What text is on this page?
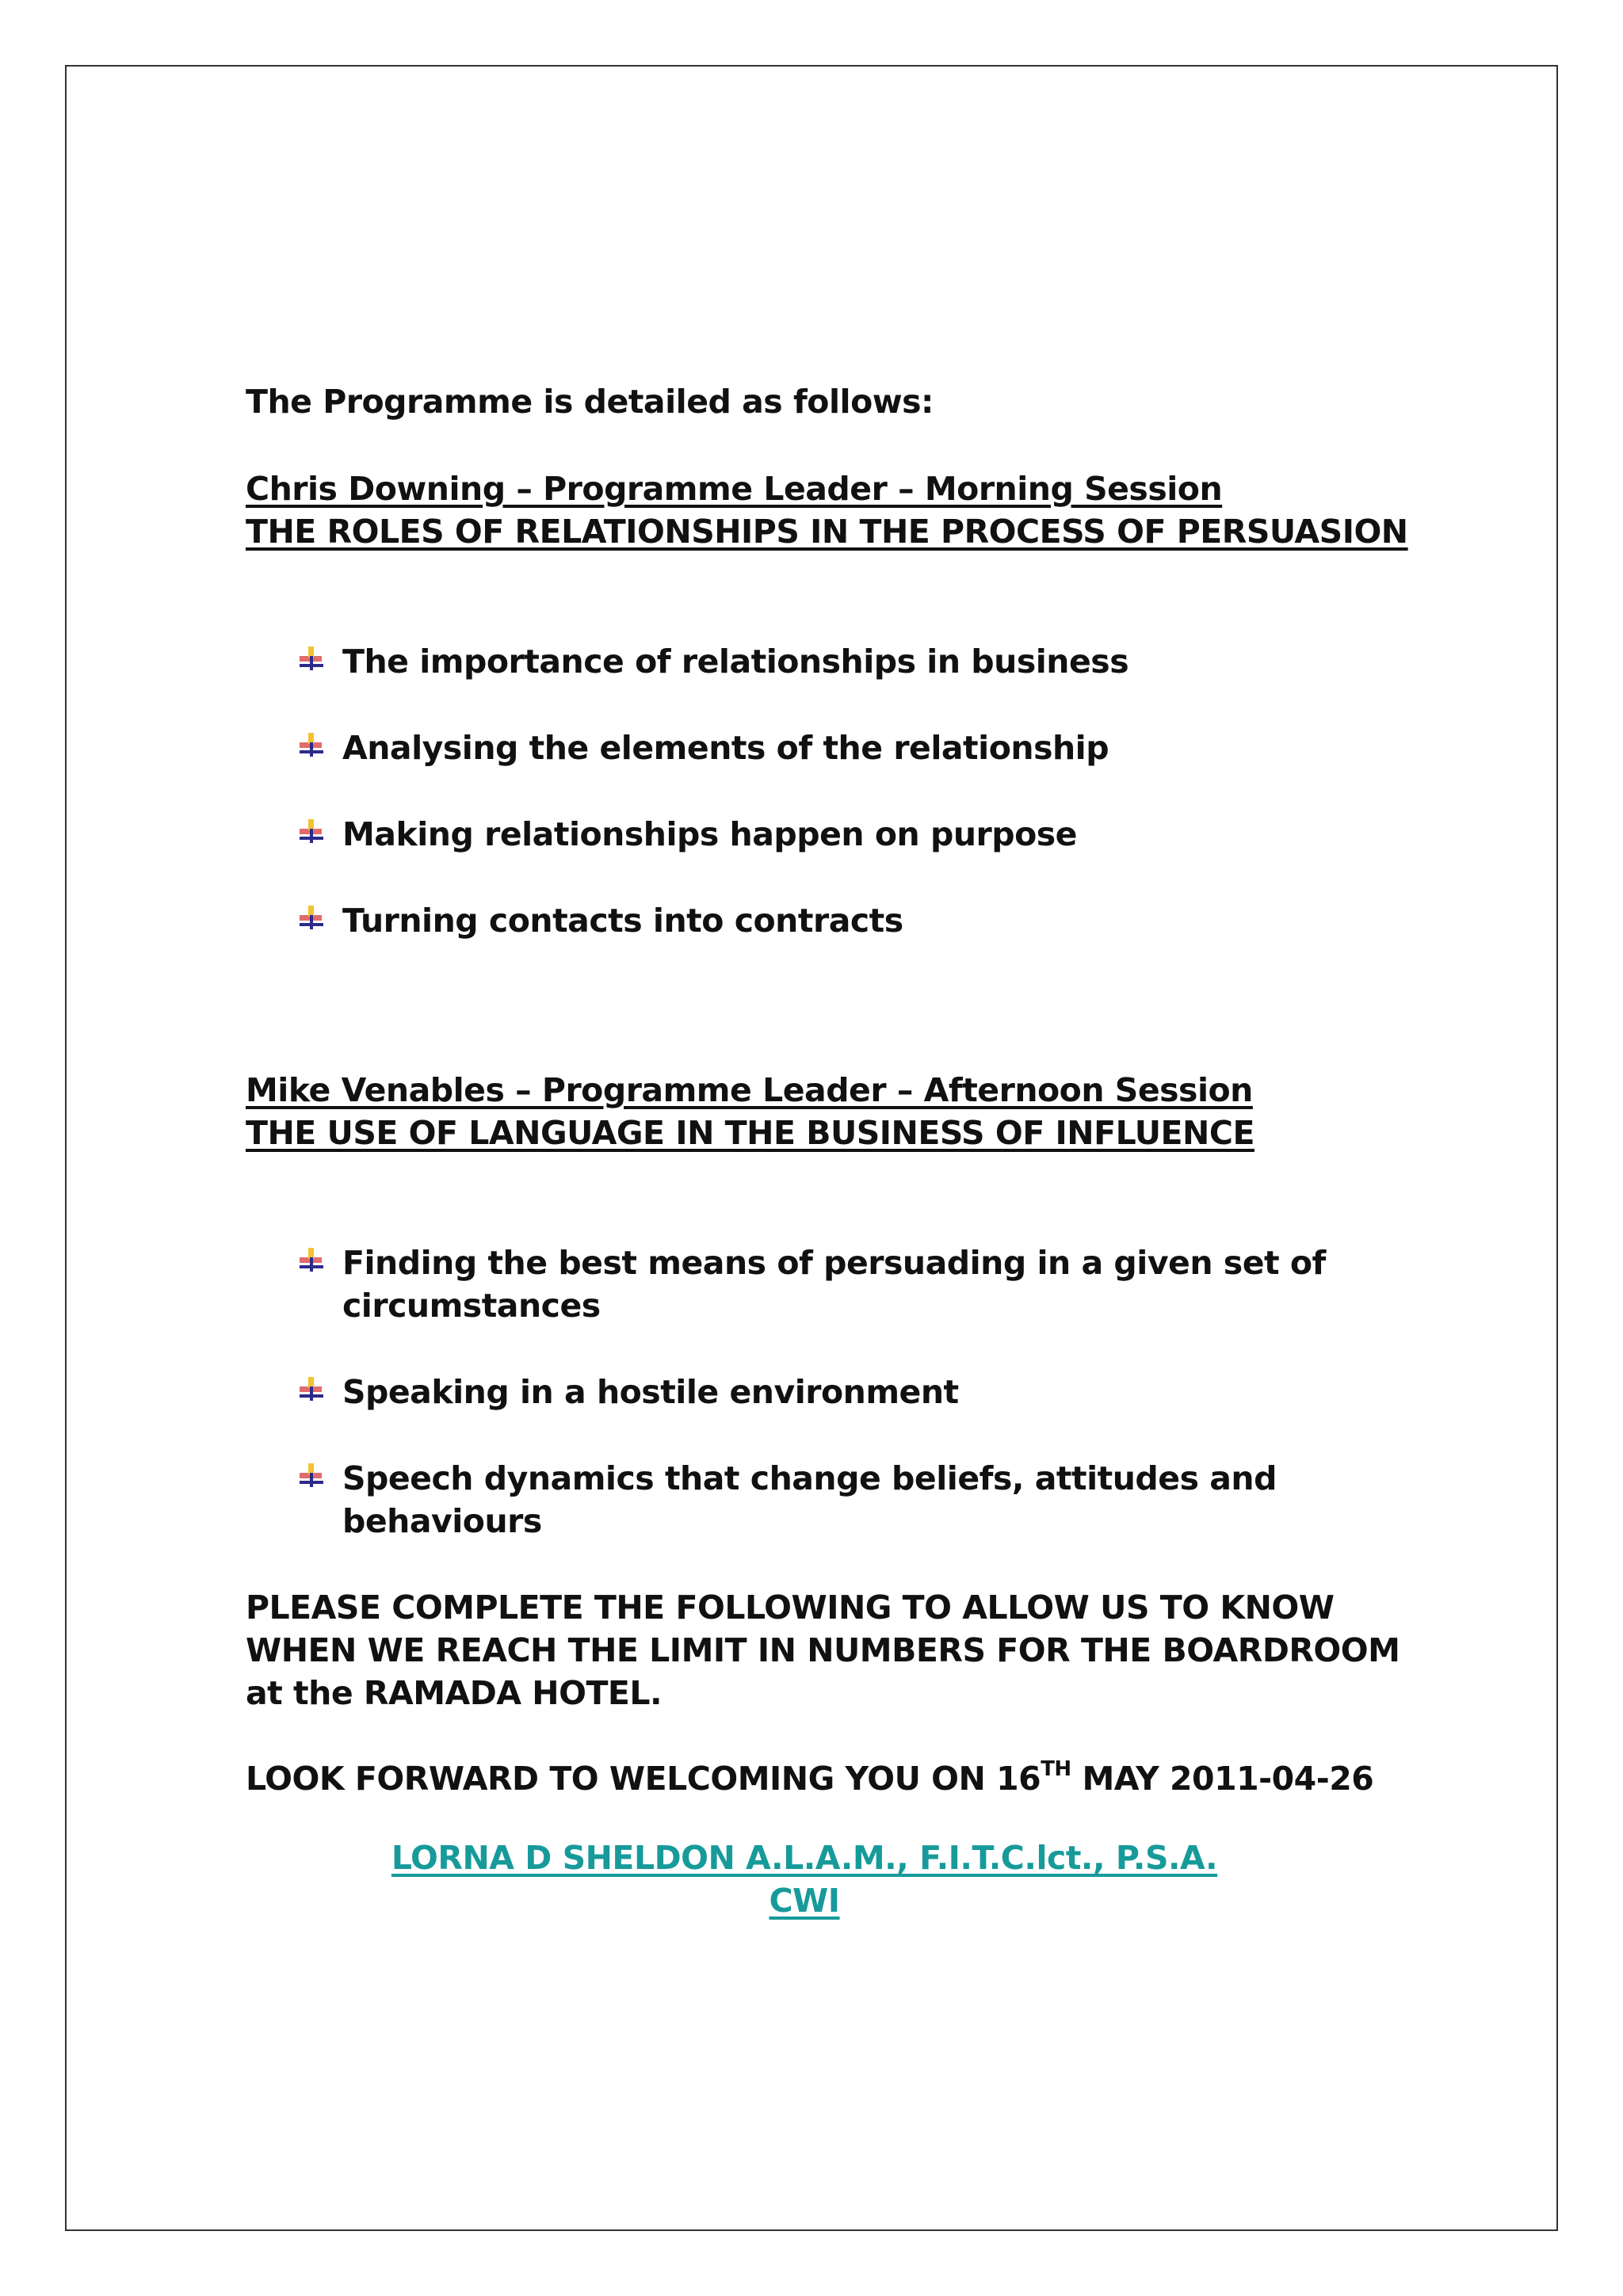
The Programme is detailed as follows:

Chris Downing – Programme Leader – Morning Session
THE ROLES OF RELATIONSHIPS IN THE PROCESS OF PERSUASION

The importance of relationships in business
Analysing the elements of the relationship
Making relationships happen on purpose
Turning contacts into contracts

Mike Venables – Programme Leader – Afternoon Session
THE USE OF LANGUAGE IN THE BUSINESS OF INFLUENCE

Finding the best means of persuading in a given set of circumstances
Speaking in a hostile environment
Speech dynamics that change beliefs, attitudes and behaviours

PLEASE COMPLETE THE FOLLOWING TO ALLOW US TO KNOW WHEN WE REACH THE LIMIT IN NUMBERS FOR THE BOARDROOM at the RAMADA HOTEL.

LOOK FORWARD TO WELCOMING YOU ON 16TH MAY 2011-04-26

LORNA D SHELDON A.L.A.M., F.I.T.C.lct., P.S.A.
CWI
